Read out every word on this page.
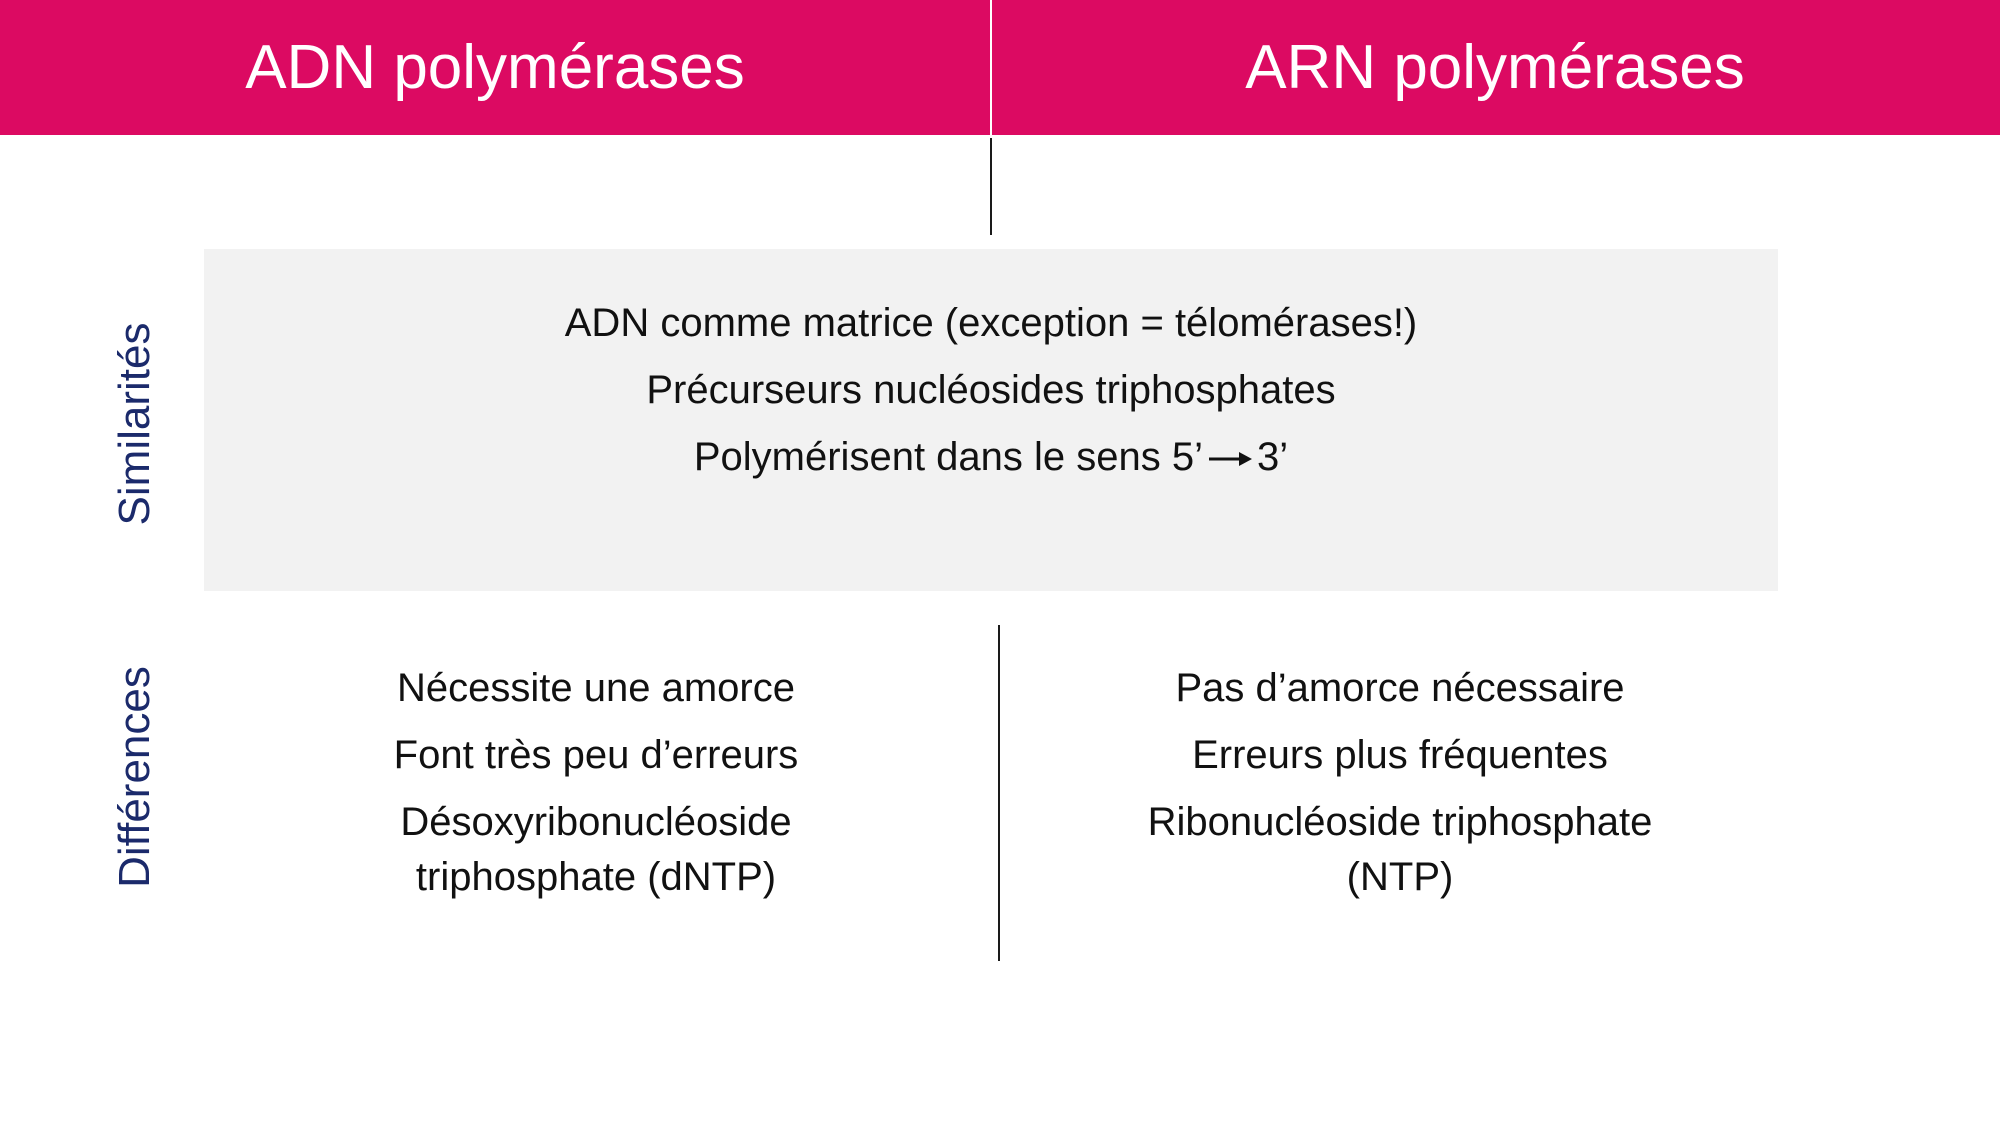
ADN polymérases	ARN polymérases
Similarités
Différences
ADN comme matrice (exception = télomérases!)
Précurseurs nucléosides triphosphates
Polymérisent dans le sens 5’ 3’
Nécessite une amorce
Font très peu d’erreurs
Désoxyribonucléoside triphosphate (dNTP)
Pas d’amorce nécessaire
Erreurs plus fréquentes
Ribonucléoside triphosphate (NTP)
